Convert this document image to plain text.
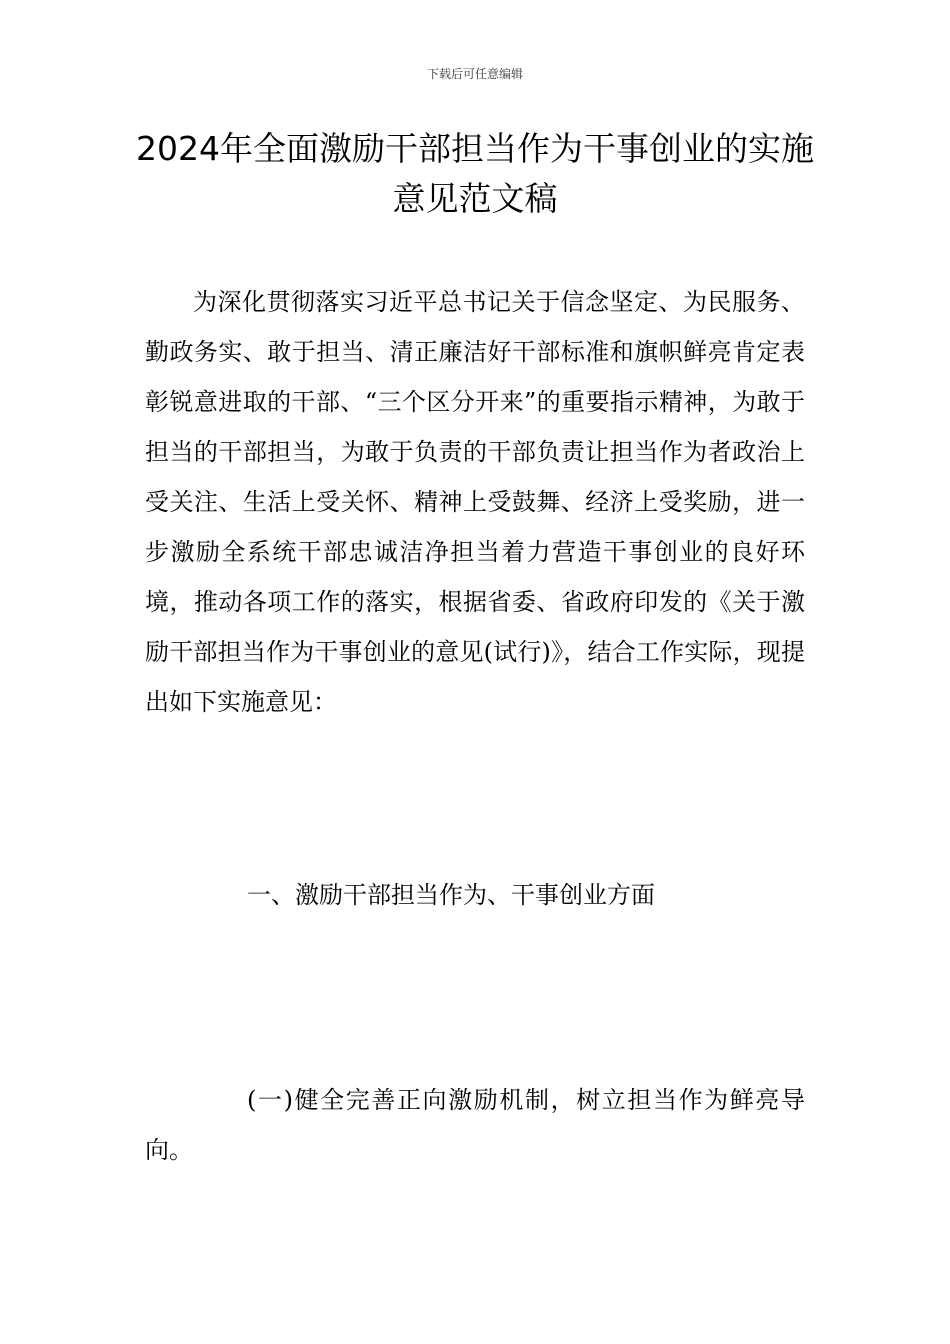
下载后可任意编辑
2024年全面激励干部担当作为干事创业的实施意见范文稿

为深化贯彻落实习近平总书记关于信念坚定、为民服务、勤政务实、敢于担当、清正廉洁好干部标准和旗帜鲜亮肯定表彰锐意进取的干部、“三个区分开来”的重要指示精神，为敢于担当的干部担当，为敢于负责的干部负责让担当作为者政治上受关注、生活上受关怀、精神上受鼓舞、经济上受奖励，进一步激励全系统干部忠诚洁净担当着力营造干事创业的良好环境，推动各项工作的落实，根据省委、省政府印发的《关于激励干部担当作为干事创业的意见(试行)》，结合工作实际，现提出如下实施意见：

一、激励干部担当作为、干事创业方面

(一)健全完善正向激励机制，树立担当作为鲜亮导向。
